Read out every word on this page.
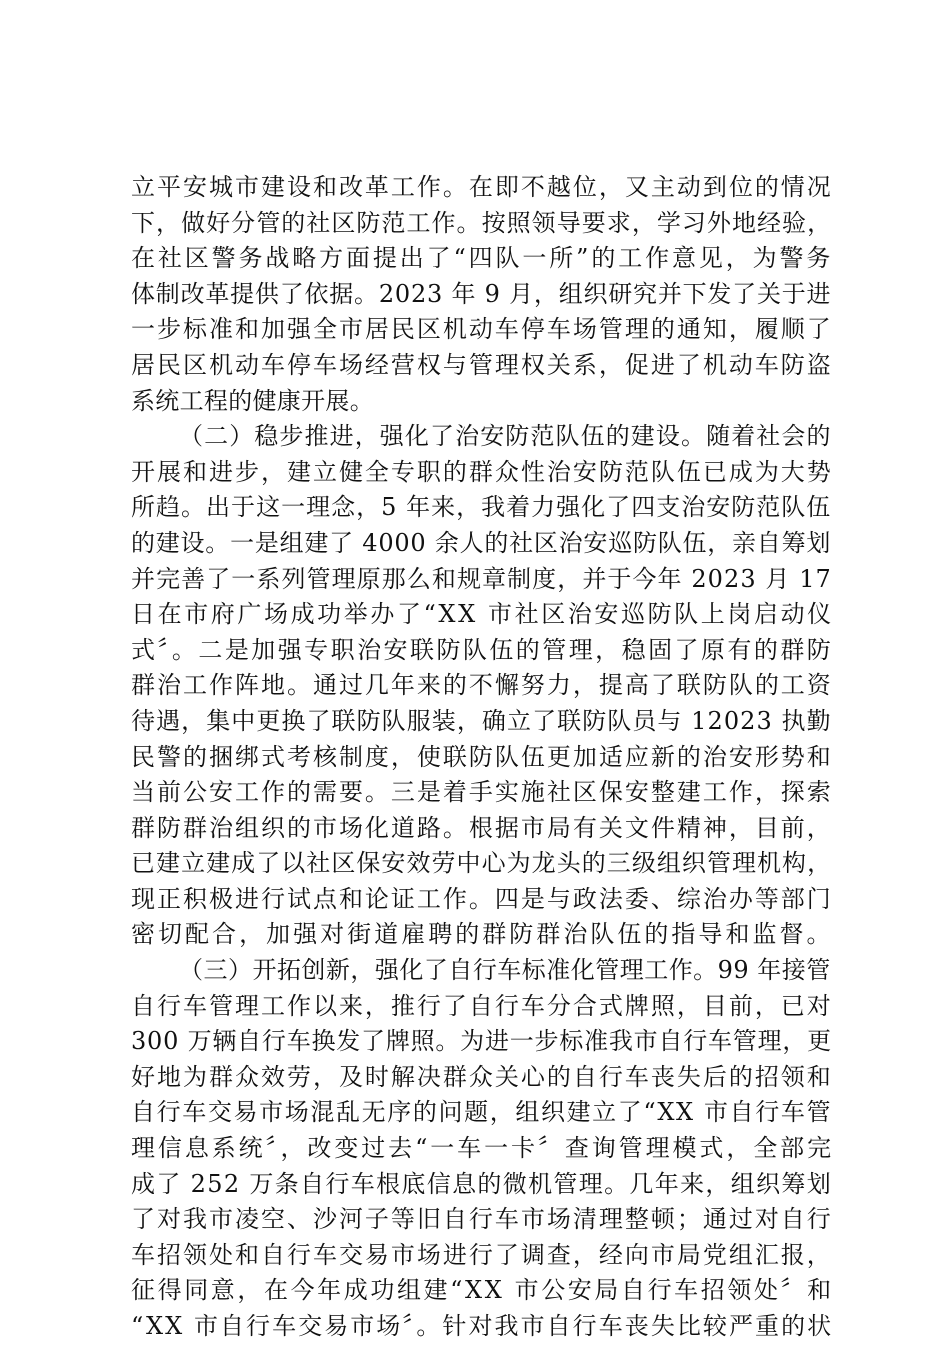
立平安城市建设和改革工作。在即不越位，又主动到位的情况
下，做好分管的社区防范工作。按照领导要求，学习外地经验，
在社区警务战略方面提出了“四队一所”的工作意见，为警务
体制改革提供了依据。2023 年 9 月，组织研究并下发了关于进
一步标准和加强全市居民区机动车停车场管理的通知，履顺了
居民区机动车停车场经营权与管理权关系，促进了机动车防盗
系统工程的健康开展。

（二）稳步推进，强化了治安防范队伍的建设。随着社会的
开展和进步，建立健全专职的群众性治安防范队伍已成为大势
所趋。出于这一理念，5 年来，我着力强化了四支治安防范队伍
的建设。一是组建了 4000 余人的社区治安巡防队伍，亲自筹划
并完善了一系列管理原那么和规章制度，并于今年 2023 月 17
日在市府广场成功举办了“XX 市社区治安巡防队上岗启动仪
式〞。二是加强专职治安联防队伍的管理，稳固了原有的群防
群治工作阵地。通过几年来的不懈努力，提高了联防队的工资
待遇，集中更换了联防队服装，确立了联防队员与 12023 执勤
民警的捆绑式考核制度，使联防队伍更加适应新的治安形势和
当前公安工作的需要。三是着手实施社区保安整建工作，探索
群防群治组织的市场化道路。根据市局有关文件精神，目前，
已建立建成了以社区保安效劳中心为龙头的三级组织管理机构，
现正积极进行试点和论证工作。四是与政法委、综治办等部门
密切配合，加强对街道雇聘的群防群治队伍的指导和监督。

（三）开拓创新，强化了自行车标准化管理工作。99 年接管
自行车管理工作以来，推行了自行车分合式牌照，目前，已对
300 万辆自行车换发了牌照。为进一步标准我市自行车管理，更
好地为群众效劳，及时解决群众关心的自行车丧失后的招领和
自行车交易市场混乱无序的问题，组织建立了“XX 市自行车管
理信息系统〞，改变过去“一车一卡〞查询管理模式，全部完
成了 252 万条自行车根底信息的微机管理。几年来，组织筹划
了对我市凌空、沙河子等旧自行车市场清理整顿；通过对自行
车招领处和自行车交易市场进行了调查，经向市局党组汇报，
征得同意，在今年成功组建“XX 市公安局自行车招领处〞和
“XX 市自行车交易市场〞。针对我市自行车丧失比较严重的状
